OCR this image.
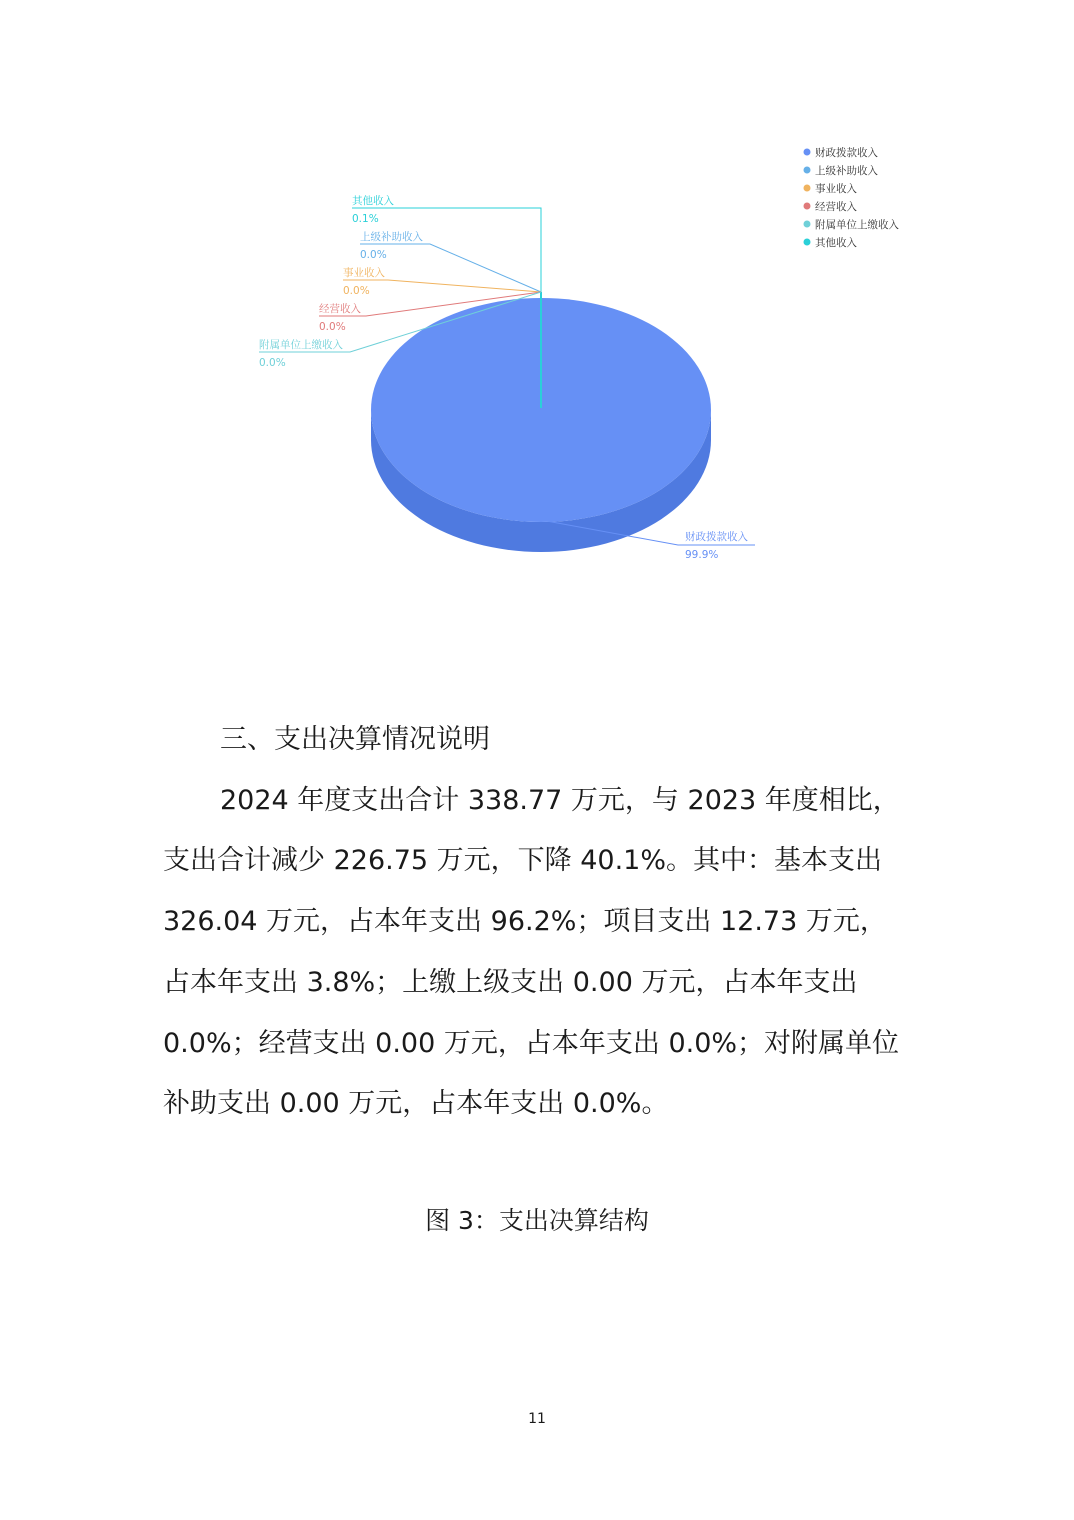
其他收入
0.1%
上级补助收入
0.0%
事业收入
0.0%
经营收入
0.0%
附属单位上缴收入
0.0%
财政拨款收入
99.9%
财政拨款收入
上级补助收入
事业收入
经营收入
附属单位上缴收入
其他收入
三、支出决算情况说明

2024 年度支出合计 338.77 万元，与 2023 年度相比，

支出合计减少 226.75 万元，下降 40.1%。其中：基本支出

326.04 万元，占本年支出 96.2%；项目支出 12.73 万元，

占本年支出 3.8%；上缴上级支出 0.00 万元，占本年支出

0.0%；经营支出 0.00 万元，占本年支出 0.0%；对附属单位

补助支出 0.00 万元，占本年支出 0.0%。

图 3：支出决算结构

11
